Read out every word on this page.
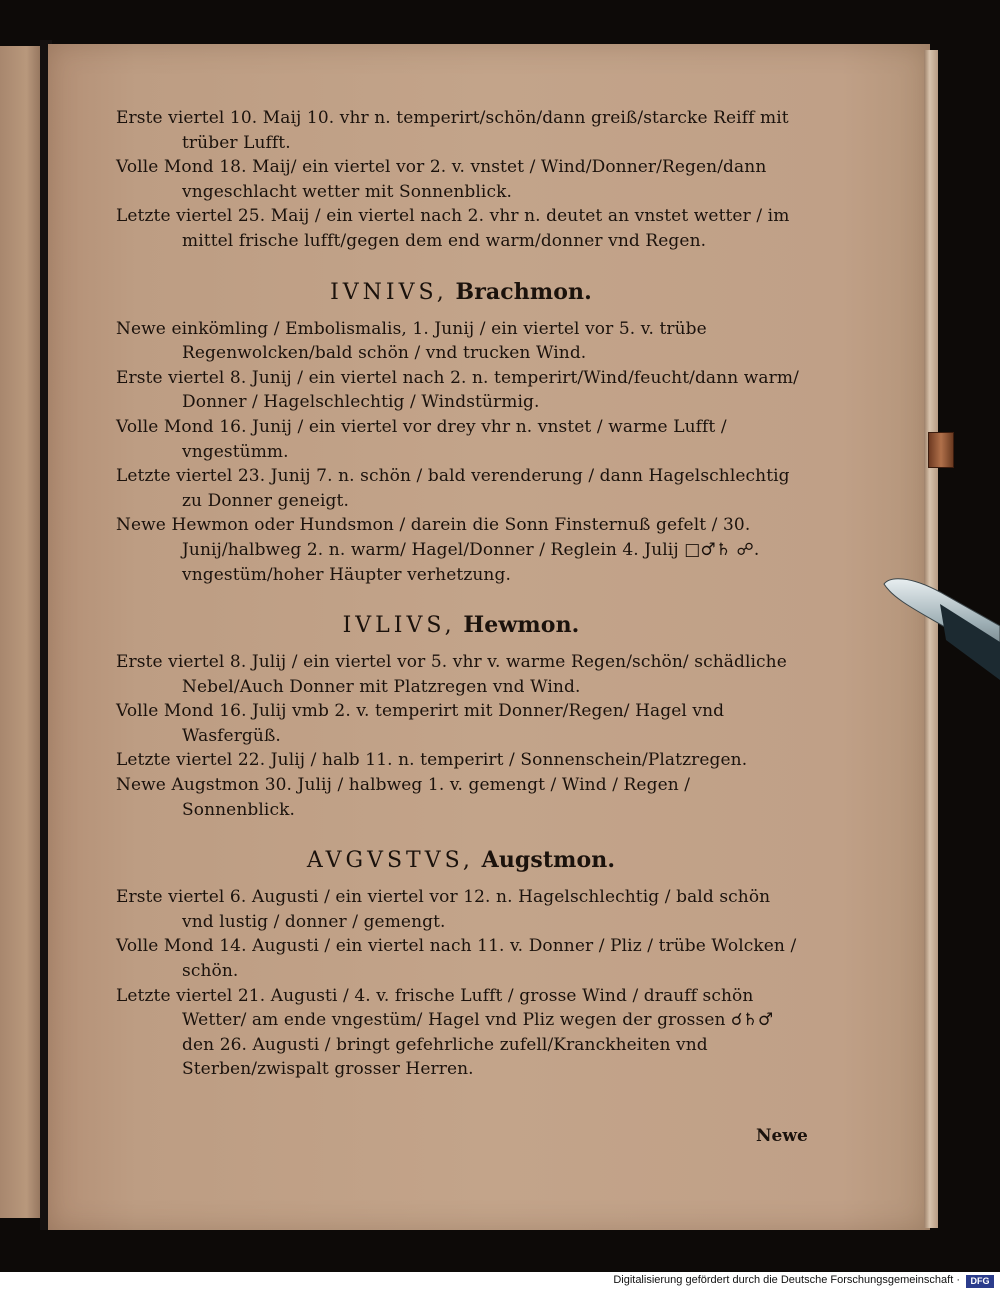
Erste viertel 10. Maij 10. vhr n. temperirt/schön/dann greiß/starcke Reiff mit trüber Lufft.

Volle Mond 18. Maij/ ein viertel vor 2. v. vnstet / Wind/Donner/Regen/dann vngeschlacht wetter mit Sonnenblick.

Letzte viertel 25. Maij / ein viertel nach 2. vhr n. deutet an vnstet wetter / im mittel frische lufft/gegen dem end warm/donner vnd Regen.

IVNIVS, Brachmon.

Newe einkömling / Embolismalis, 1. Junij / ein viertel vor 5. v. trübe Regenwolcken/bald schön / vnd trucken Wind.

Erste viertel 8. Junij / ein viertel nach 2. n. temperirt/Wind/feucht/dann warm/ Donner / Hagelschlechtig / Windstürmig.

Volle Mond 16. Junij / ein viertel vor drey vhr n. vnstet / warme Lufft / vngestümm.

Letzte viertel 23. Junij 7. n. schön / bald verenderung / dann Hagelschlechtig zu Donner geneigt.

Newe Hewmon oder Hundsmon / darein die Sonn Finsternuß gefelt / 30. Junij/halbweg 2. n. warm/ Hagel/Donner / Reglein 4. Julij □♂♄ ☍. vngestüm/hoher Häupter verhetzung.

IVLIVS, Hewmon.

Erste viertel 8. Julij / ein viertel vor 5. vhr v. warme Regen/schön/ schädliche Nebel/Auch Donner mit Platzregen vnd Wind.

Volle Mond 16. Julij vmb 2. v. temperirt mit Donner/Regen/ Hagel vnd Wasfergüß.

Letzte viertel 22. Julij / halb 11. n. temperirt / Sonnenschein/Platzregen.

Newe Augstmon 30. Julij / halbweg 1. v. gemengt / Wind / Regen / Sonnenblick.

AVGVSTVS, Augstmon.

Erste viertel 6. Augusti / ein viertel vor 12. n. Hagelschlechtig / bald schön vnd lustig / donner / gemengt.

Volle Mond 14. Augusti / ein viertel nach 11. v. Donner / Pliz / trübe Wolcken / schön.

Letzte viertel 21. Augusti / 4. v. frische Lufft / grosse Wind / drauff schön Wetter/ am ende vngestüm/ Hagel vnd Pliz wegen der grossen ☌♄♂ den 26. Augusti / bringt gefehrliche zufell/Kranckheiten vnd Sterben/zwispalt grosser Herren.

Newe
Digitalisierung gefördert durch die Deutsche Forschungsgemeinschaft ·	DFG
